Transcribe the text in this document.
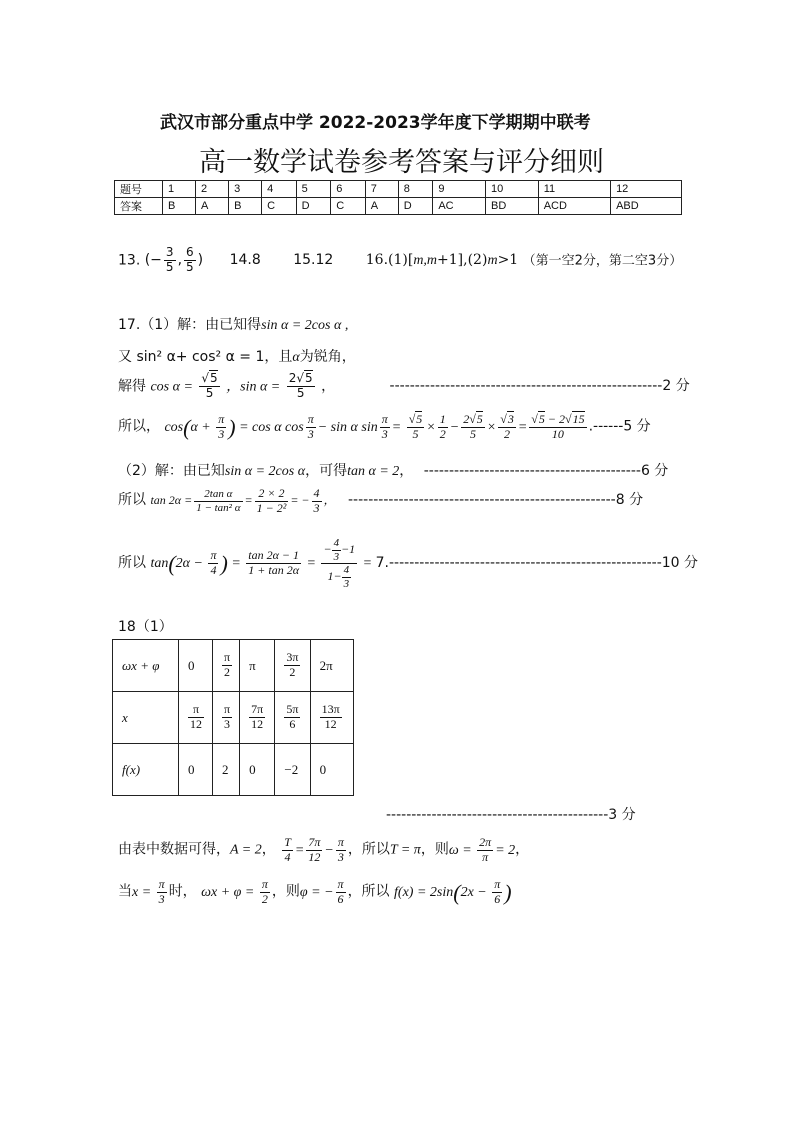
武汉市部分重点中学 2022-2023学年度下学期期中联考
高一数学试卷参考答案与评分细则
题号	1	2	3	4	5	6	7	8	9	10	11	12
答案	B	A	B	C	D	C	A	D	AC	BD	ACD	ABD
13. (− $\frac{3}{5}$ , $\frac{6}{5}$ ) 14.8 15.12 16.(1)[m,m+1],(2)m>1 （第一空2分，第二空3分）
17.（1）解：由已知得sin α = 2cos α ,
又 sin² α+ cos² α = 1，且α为锐角，
解得 $\cos \alpha = \frac{√5}{5}$ ，$\sin \alpha = \frac{2√5}{5}$ ，	------------------------------------------------------2 分
所以， $\cos(\alpha + \frac{\pi}{3}$ ) = cos α $\cos \frac{\pi}{3} - \sin \alpha$ $\sin \frac{\pi}{3} = \frac{√5}{5} \times \frac{1}{2} - \frac{2√5}{5} \times \frac{√3}{2} = \frac{√5 - 2√15}{10} .------5$ 分
（2）解：由已知sin α = 2cos α，可得tan α = 2， -------------------------------------------6 分
所以 $\tan 2\alpha = \frac{\text{2tan α}}{\text{1 − tan² α}} = \frac{2 \times 2}{\text{1 − 2²}}$ = − $\frac{4}{3}$ ， -----------------------------------------------------8 分
所以 $\tan(2\alpha - \frac{\pi}{4}$ ) = $\frac{\tan 2\alpha - 1}{1 + \tan 2\alpha} = \frac{- \frac{4}{3} -1}{1- \frac{4}{3}} = 7.------------------------------------------------------10$ 分
18（1）
ωx + φ	0	$\frac{\pi}{2}$	π	$\frac{3\pi}{2}$	2π
x	$\frac{\pi}{12}$	$\frac{\pi}{3}$	$\frac{7\pi}{12}$	$\frac{5\pi}{6}$	$\frac{13\pi}{12}$

f(x)	0	2	0	−2	0
--------------------------------------------3 分
由表中数据可得，A = 2， $\frac{T}{4} = \frac{7\pi}{12} - \frac{\pi}{3}$ ，所以T = π，则$\omega = \frac{2\pi}{\pi} = 2$，
当$x = \frac{\pi}{3}$ 时， $\omega x + \varphi = \frac{\pi}{2}$ ，则φ = − $\frac{\pi}{6}$ ，所以 $f(x) = 2\sin(2x - \frac{\pi}{6}$ )
